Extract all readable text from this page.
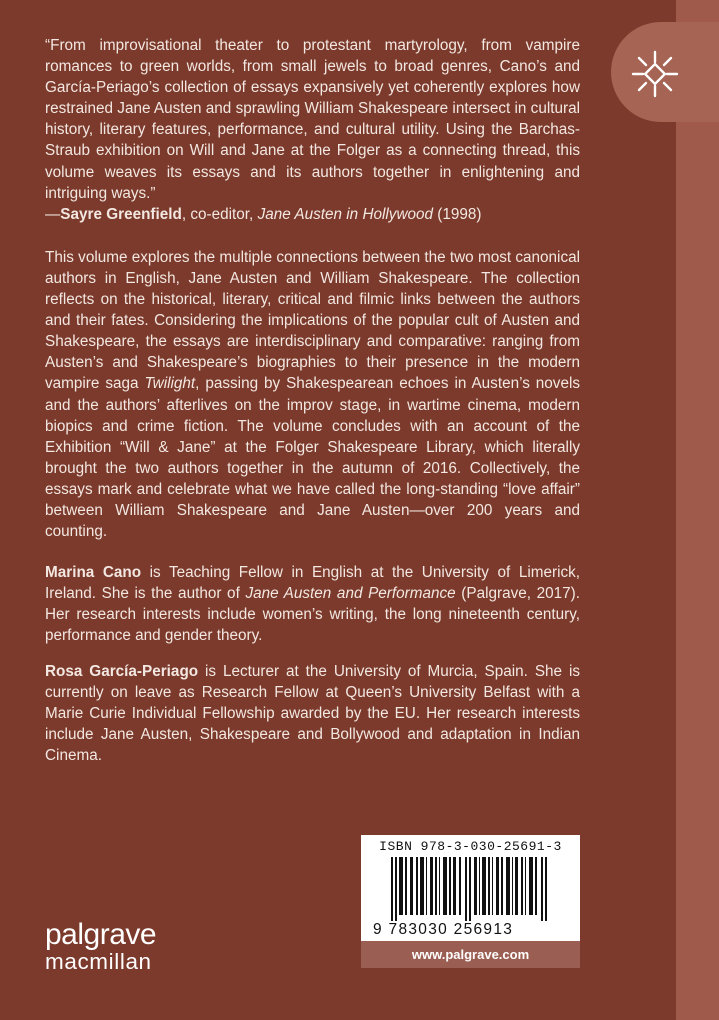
“From improvisational theater to protestant martyrology, from vampire romances to green worlds, from small jewels to broad genres, Cano’s and García-Periago’s collection of essays expansively yet coherently explores how restrained Jane Austen and sprawling William Shakespeare intersect in cultural history, literary features, performance, and cultural utility. Using the Barchas-Straub exhibition on Will and Jane at the Folger as a connecting thread, this volume weaves its essays and its authors together in enlightening and intriguing ways.”

—Sayre Greenfield, co-editor, Jane Austen in Hollywood (1998)

This volume explores the multiple connections between the two most canonical authors in English, Jane Austen and William Shakespeare. The collection reflects on the historical, literary, critical and filmic links between the authors and their fates. Considering the implications of the popular cult of Austen and Shakespeare, the essays are interdisciplinary and comparative: ranging from Austen’s and Shakespeare’s biographies to their presence in the modern vampire saga Twilight, passing by Shakespearean echoes in Austen’s novels and the authors’ afterlives on the improv stage, in wartime cinema, modern biopics and crime fiction. The volume concludes with an account of the Exhibition “Will & Jane” at the Folger Shakespeare Library, which literally brought the two authors together in the autumn of 2016. Collectively, the essays mark and celebrate what we have called the long-standing “love affair” between William Shakespeare and Jane Austen—over 200 years and counting.

Marina Cano is Teaching Fellow in English at the University of Limerick, Ireland. She is the author of Jane Austen and Performance (Palgrave, 2017). Her research interests include women’s writing, the long nineteenth century, performance and gender theory.

Rosa García-Periago is Lecturer at the University of Murcia, Spain. She is currently on leave as Research Fellow at Queen’s University Belfast with a Marie Curie Individual Fellowship awarded by the EU. Her research interests include Jane Austen, Shakespeare and Bollywood and adaptation in Indian Cinema.

palgrave
macmillan
ISBN 978-3-030-25691-3
9 783030 256913
www.palgrave.com
